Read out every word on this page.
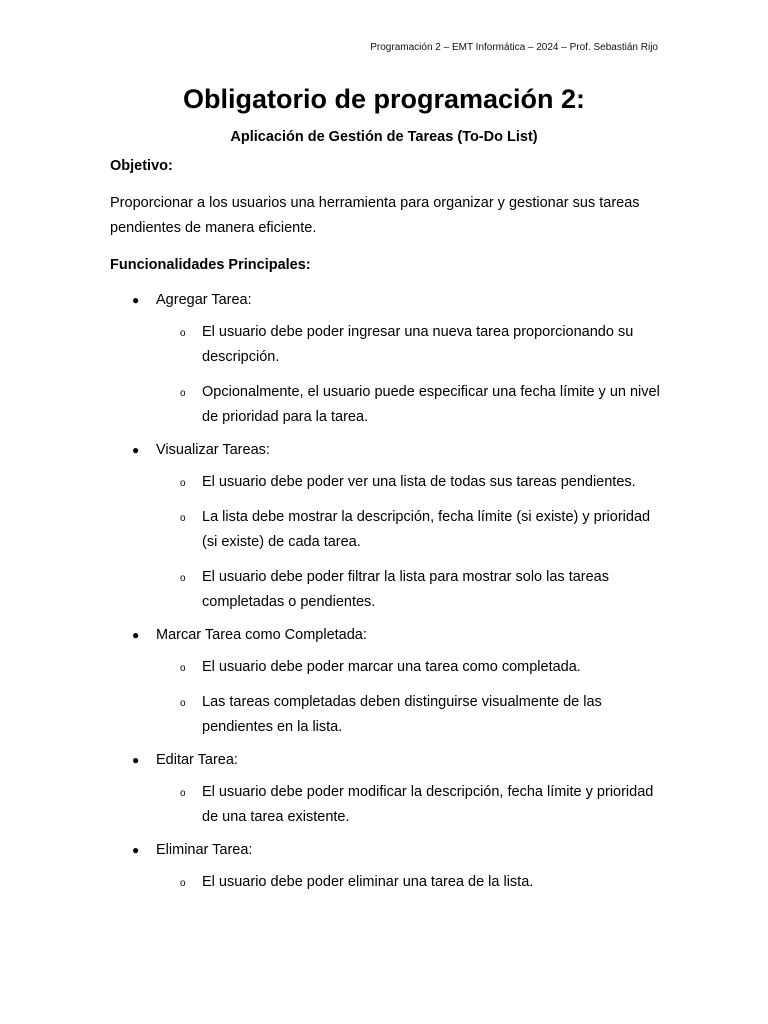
Programación 2 – EMT Informática – 2024 – Prof. Sebastián Rijo
Obligatorio de programación 2:
Aplicación de Gestión de Tareas (To-Do List)

Objetivo:

Proporcionar a los usuarios una herramienta para organizar y gestionar sus tareas pendientes de manera eficiente.

Funcionalidades Principales:

● Agregar Tarea:
o El usuario debe poder ingresar una nueva tarea proporcionando su descripción.
o Opcionalmente, el usuario puede especificar una fecha límite y un nivel de prioridad para la tarea.
● Visualizar Tareas:
o El usuario debe poder ver una lista de todas sus tareas pendientes.
o La lista debe mostrar la descripción, fecha límite (si existe) y prioridad (si existe) de cada tarea.
o El usuario debe poder filtrar la lista para mostrar solo las tareas completadas o pendientes.
● Marcar Tarea como Completada:
o El usuario debe poder marcar una tarea como completada.
o Las tareas completadas deben distinguirse visualmente de las pendientes en la lista.
● Editar Tarea:
o El usuario debe poder modificar la descripción, fecha límite y prioridad de una tarea existente.
● Eliminar Tarea:
o El usuario debe poder eliminar una tarea de la lista.
